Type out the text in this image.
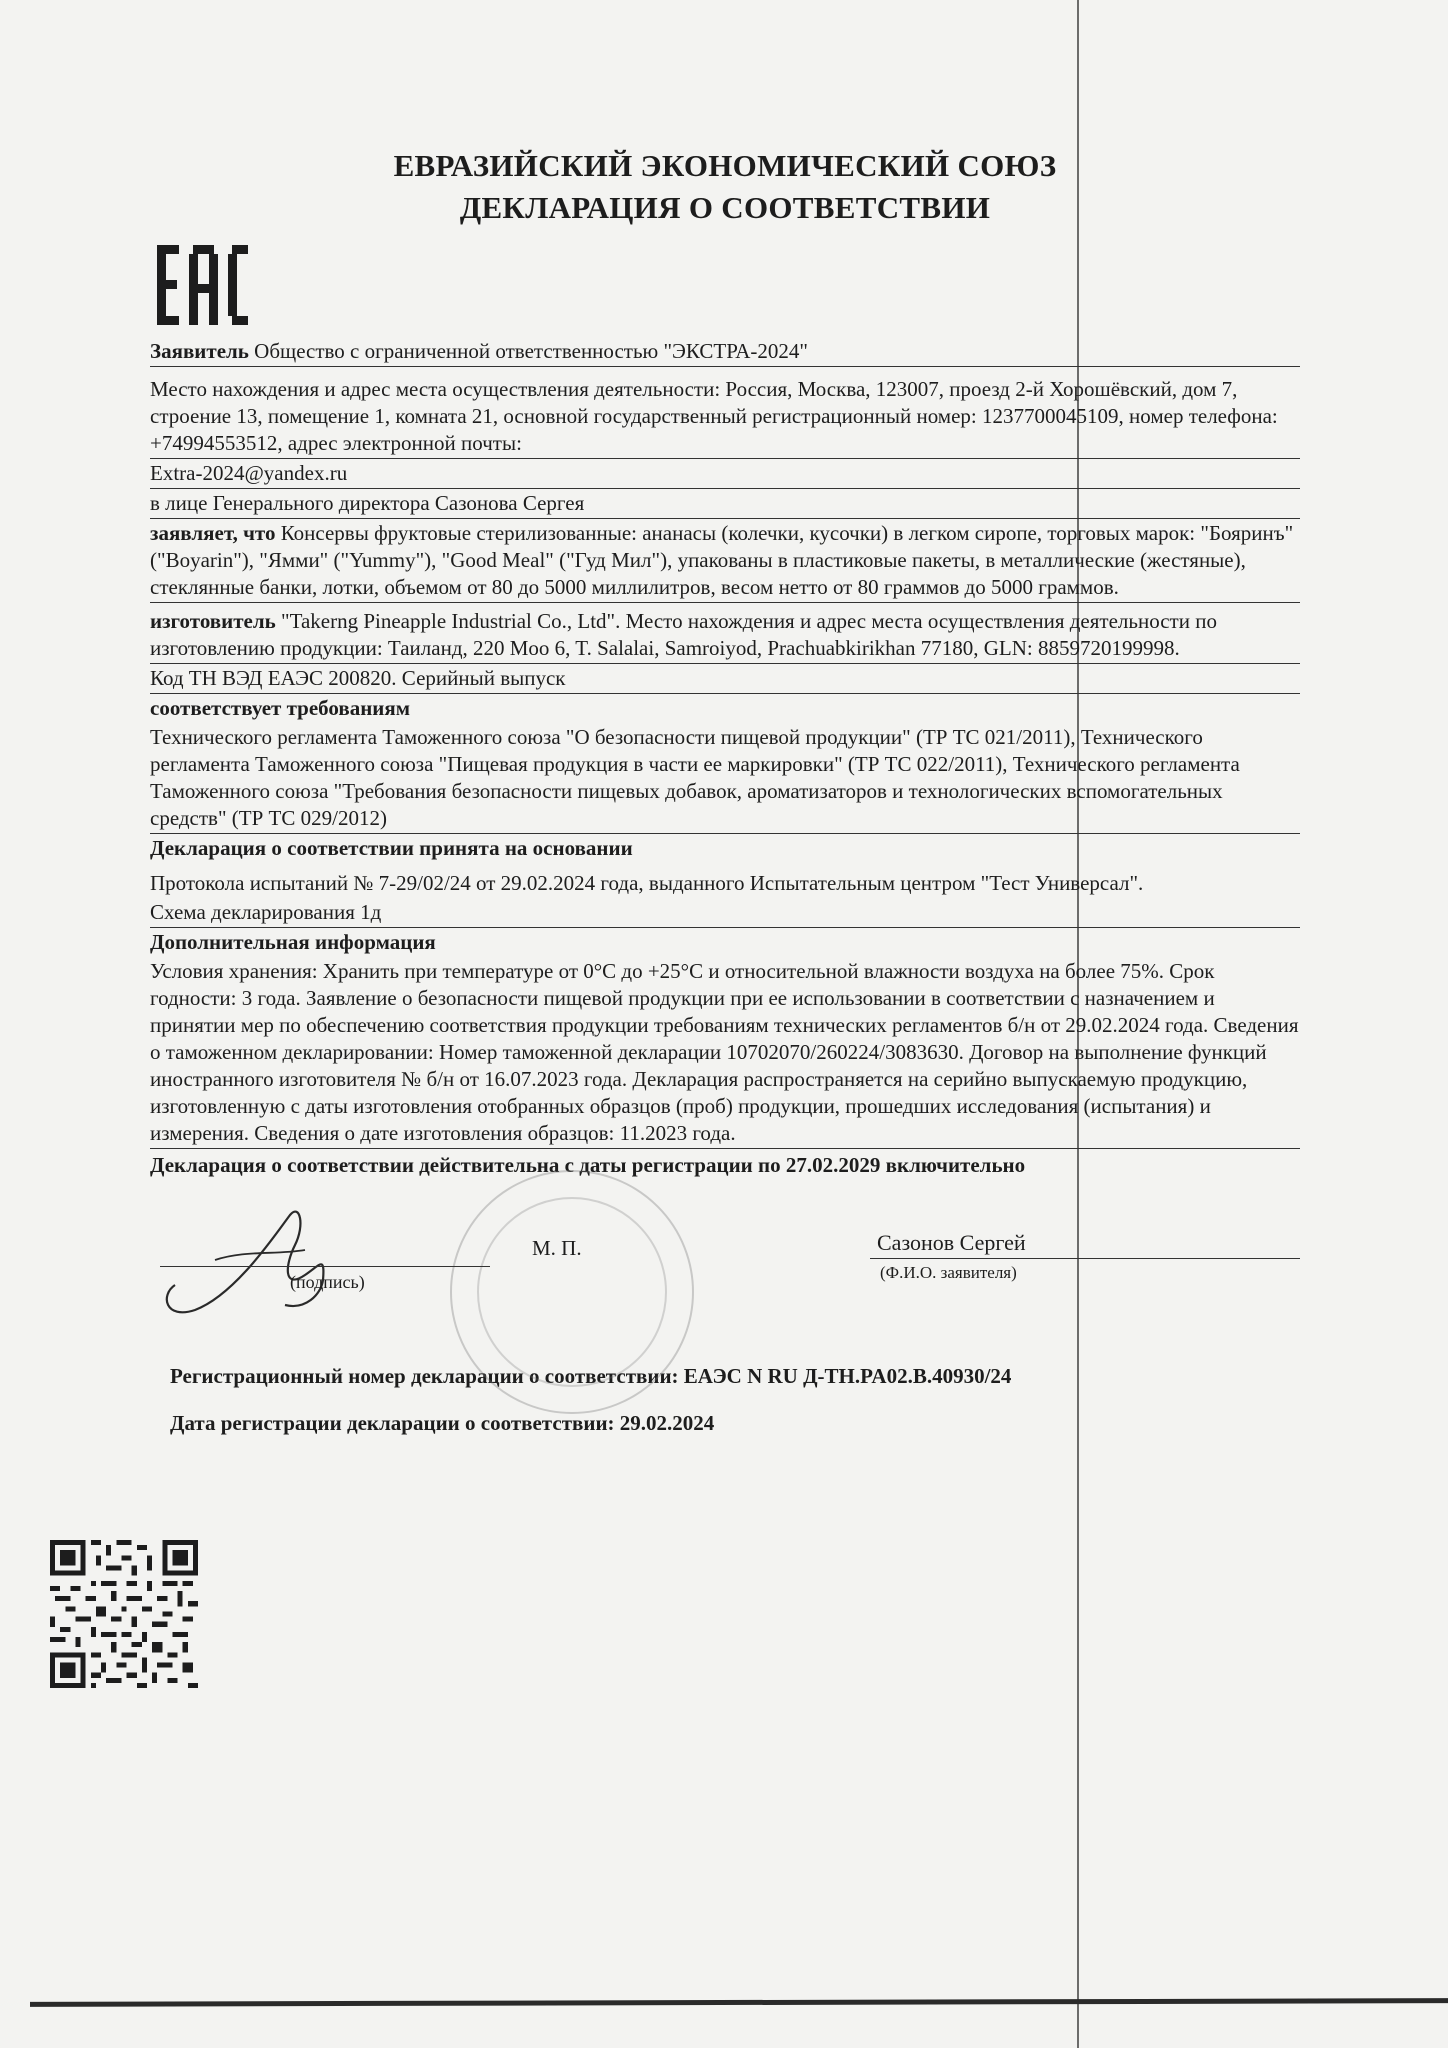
ЕВРАЗИЙСКИЙ ЭКОНОМИЧЕСКИЙ СОЮЗ
ДЕКЛАРАЦИЯ О СООТВЕТСТВИИ
Заявитель Общество с ограниченной ответственностью "ЭКСТРА-2024"
Место нахождения и адрес места осуществления деятельности: Россия, Москва, 123007, проезд 2-й Хорошёвский, дом 7, строение 13, помещение 1, комната 21, основной государственный регистрационный номер: 1237700045109, номер телефона: +74994553512, адрес электронной почты:
Extra-2024@yandex.ru
в лице Генерального директора Сазонова Сергея
заявляет, что Консервы фруктовые стерилизованные: ананасы (колечки, кусочки) в легком сиропе, торговых марок: "Бояринъ" ("Boyarin"), "Ямми" ("Yummy"), "Good Meal" ("Гуд Мил"), упакованы в пластиковые пакеты, в металлические (жестяные), стеклянные банки, лотки, объемом от 80 до 5000 миллилитров, весом нетто от 80 граммов до 5000 граммов.
изготовитель "Takerng Pineapple Industrial Co., Ltd". Место нахождения и адрес места осуществления деятельности по изготовлению продукции: Таиланд, 220 Moo 6, T. Salalai, Samroiyod, Prachuabkirikhan 77180, GLN: 8859720199998.
Код ТН ВЭД ЕАЭС 200820. Серийный выпуск
соответствует требованиям
Технического регламента Таможенного союза "О безопасности пищевой продукции" (ТР ТС 021/2011), Технического регламента Таможенного союза "Пищевая продукция в части ее маркировки" (ТР ТС 022/2011), Технического регламента Таможенного союза "Требования безопасности пищевых добавок, ароматизаторов и технологических вспомогательных средств" (ТР ТС 029/2012)
Декларация о соответствии принята на основании
Протокола испытаний № 7-29/02/24 от 29.02.2024 года, выданного Испытательным центром "Тест Универсал".
Схема декларирования 1д
Дополнительная информация
Условия хранения: Хранить при температуре от 0°С до +25°С и относительной влажности воздуха на более 75%. Срок годности: 3 года. Заявление о безопасности пищевой продукции при ее использовании в соответствии с назначением и принятии мер по обеспечению соответствия продукции требованиям технических регламентов б/н от 29.02.2024 года. Сведения о таможенном декларировании: Номер таможенной декларации 10702070/260224/3083630. Договор на выполнение функций иностранного изготовителя № б/н от 16.07.2023 года. Декларация распространяется на серийно выпускаемую продукцию, изготовленную с даты изготовления отобранных образцов (проб) продукции, прошедших исследования (испытания) и измерения. Сведения о дате изготовления образцов: 11.2023 года.
Декларация о соответствии действительна с даты регистрации по 27.02.2029 включительно
(подпись)
М. П.	Сазонов Сергей
(Ф.И.О. заявителя)
Регистрационный номер декларации о соответствии: ЕАЭС N RU Д-TH.PA02.B.40930/24
Дата регистрации декларации о соответствии: 29.02.2024
